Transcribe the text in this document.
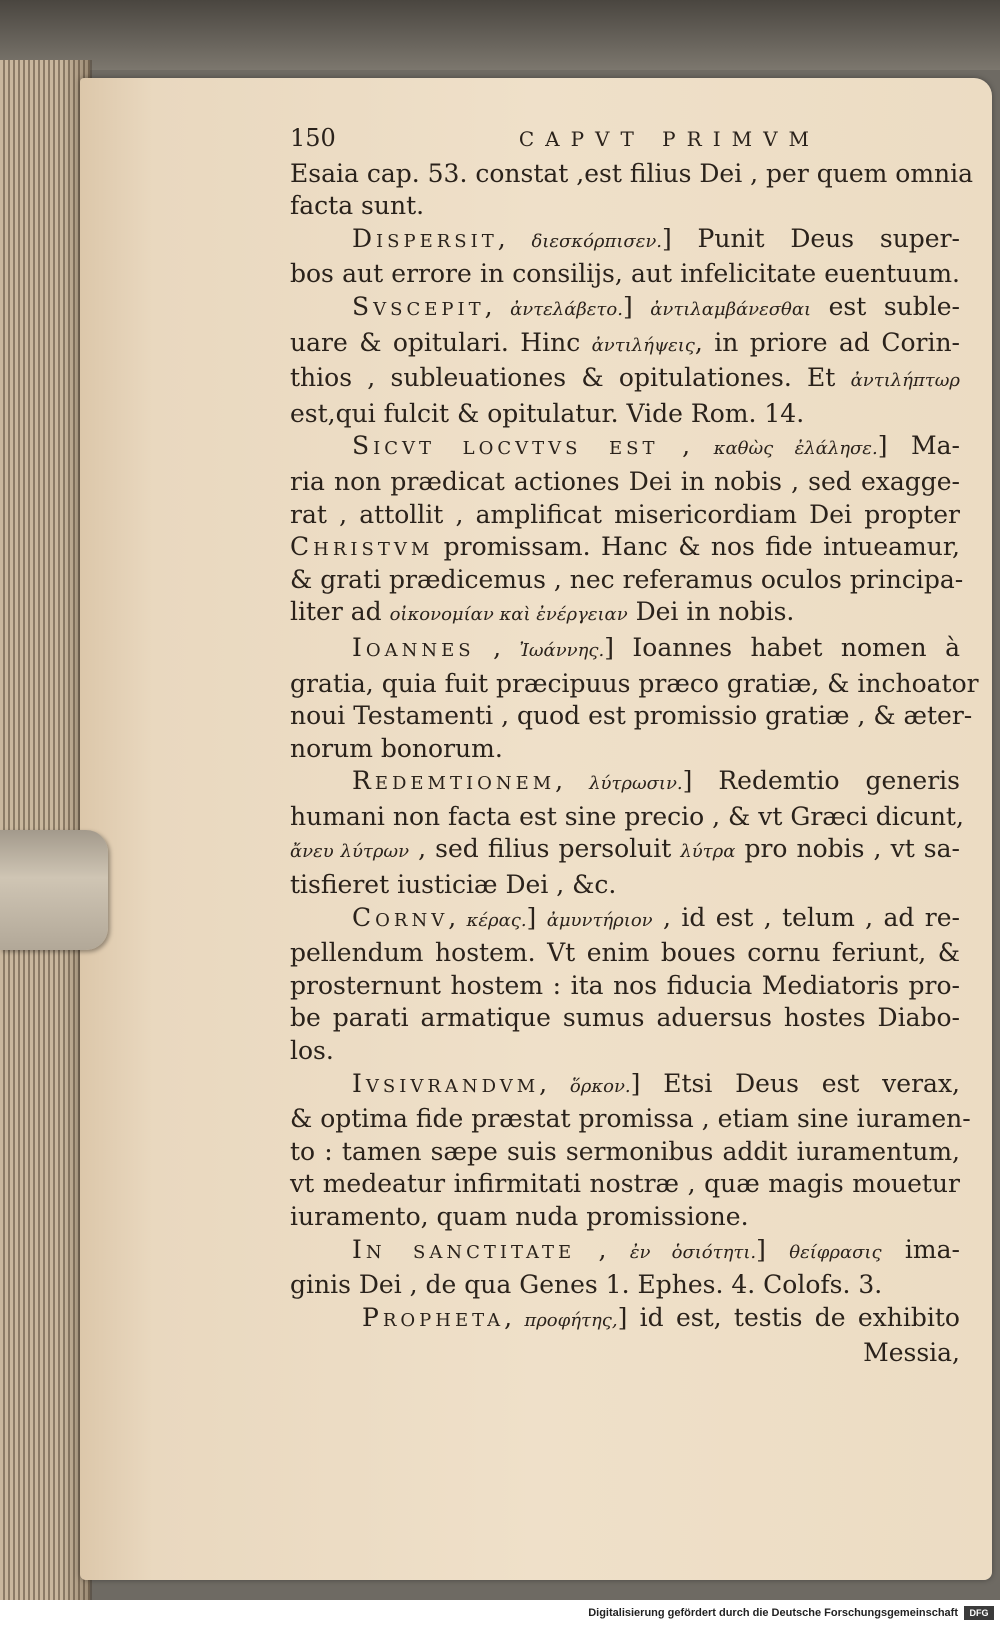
150	CAPVT PRIMVM
Esaia cap. 53. constat ,est filius Dei , per quem omnia
facta sunt.
Dispersit, διεσκόρπισεν.] Punit Deus super-
bos aut errore in consilijs, aut infelicitate euentuum.
Svscepit, ἀντελάβετο.] ἀντιλαμβάνεσθαι est suble-
uare & opitulari. Hinc ἀντιλήψεις, in priore ad Corin-
thios , subleuationes & opitulationes. Et ἀντιλήπτωρ
est,qui fulcit & opitulatur. Vide Rom. 14.
Sicvt locvtvs est , καθὼς ἐλάλησε.] Ma-
ria non prædicat actiones Dei in nobis , sed exagge-
rat , attollit , amplificat misericordiam Dei propter
Christvm promissam. Hanc & nos fide intueamur,
& grati prædicemus , nec referamus oculos principa-
liter ad οἰκονομίαν καὶ ἐνέργειαν Dei in nobis.
Ioannes , Ἰωάννης.] Ioannes habet nomen à
gratia, quia fuit præcipuus præco gratiæ, & inchoator
noui Testamenti , quod est promissio gratiæ , & æter-
norum bonorum.
Redemtionem, λύτρωσιν.] Redemtio generis
humani non facta est sine precio , & vt Græci dicunt,
ἄνευ λύτρων , sed filius persoluit λύτρα pro nobis , vt sa-
tisfieret iusticiæ Dei , &c.
Cornv, κέρας.] ἀμυντήριον , id est , telum , ad re-
pellendum hostem. Vt enim boues cornu feriunt, &
prosternunt hostem : ita nos fiducia Mediatoris pro-
be parati armatique sumus aduersus hostes Diabo-
los.
Ivsivrandvm, ὅρκον.] Etsi Deus est verax,
& optima fide præstat promissa , etiam sine iuramen-
to : tamen sæpe suis sermonibus addit iuramentum,
vt medeatur infirmitati nostræ , quæ magis mouetur
iuramento, quam nuda promissione.
In sanctitate , ἐν ὁσιότητι.] θείφρασις ima-
ginis Dei , de qua Genes 1. Ephes. 4. Colofs. 3.
Propheta, προφήτης,] id est, testis de exhibito
Messia,
Digitalisierung gefördert durch die Deutsche Forschungsgemeinschaft	DFG
